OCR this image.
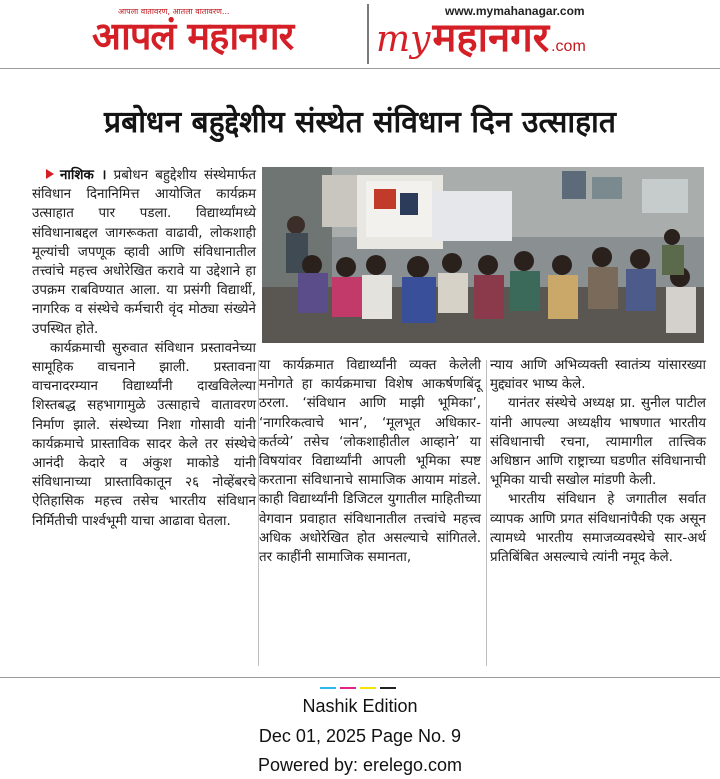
आपला वातावरण, आतला वातावरण...
आपलं महानगर
www.mymahanagar.com
myमहानगर .com
प्रबोधन बहुद्देशीय संस्थेत संविधान दिन उत्साहात

नाशिक । प्रबोधन बहुद्देशीय संस्थेमार्फत संविधान दिनानिमित्त आयोजित कार्यक्रम उत्साहात पार पडला. विद्यार्थ्यांमध्ये संविधानाबद्दल जागरूकता वाढावी, लोकशाही मूल्यांची जपणूक व्हावी आणि संविधानातील तत्त्वांचे महत्त्व अधोरेखित करावे या उद्देशाने हा उपक्रम राबविण्यात आला. या प्रसंगी विद्यार्थी, नागरिक व संस्थेचे कर्मचारी वृंद मोठ्या संख्येने उपस्थित होते.

कार्यक्रमाची सुरुवात संविधान प्रस्तावनेच्या सामूहिक वाचनाने झाली. प्रस्तावना वाचनादरम्यान विद्यार्थ्यांनी दाखविलेल्या शिस्तबद्ध सहभागामुळे उत्साहाचे वातावरण निर्माण झाले. संस्थेच्या निशा गोसावी यांनी कार्यक्रमाचे प्रास्ताविक सादर केले तर संस्थेचे आनंदी केदारे व अंकुश माकोडे यांनी संविधानाच्या प्रास्ताविकातून २६ नोव्हेंबरचे ऐतिहासिक महत्त्व तसेच भारतीय संविधान निर्मितीची पार्श्वभूमी याचा आढावा घेतला.

या कार्यक्रमात विद्यार्थ्यांनी व्यक्त केलेली मनोगते हा कार्यक्रमाचा विशेष आकर्षणबिंदू ठरला. ‘संविधान आणि माझी भूमिका’, ‘नागरिकत्वाचे भान’, ‘मूलभूत अधिकार-कर्तव्ये’ तसेच ‘लोकशाहीतील आव्हाने’ या विषयांवर विद्यार्थ्यांनी आपली भूमिका स्पष्ट करताना संविधानाचे सामाजिक आयाम मांडले. काही विद्यार्थ्यांनी डिजिटल युगातील माहितीच्या वेगवान प्रवाहात संविधानातील तत्त्वांचे महत्त्व अधिक अधोरेखित होत असल्याचे सांगितले. तर काहींनी सामाजिक समानता,

न्याय आणि अभिव्यक्ती स्वातंत्र्य यांसारख्या मुद्द्यांवर भाष्य केले.

यानंतर संस्थेचे अध्यक्ष प्रा. सुनील पाटील यांनी आपल्या अध्यक्षीय भाषणात भारतीय संविधानाची रचना, त्यामागील तात्त्विक अधिष्ठान आणि राष्ट्राच्या घडणीत संविधानाची भूमिका याची सखोल मांडणी केली.

भारतीय संविधान हे जगातील सर्वात व्यापक आणि प्रगत संविधानांपैकी एक असून त्यामध्ये भारतीय समाजव्यवस्थेचे सार-अर्थ प्रतिबिंबित असल्याचे त्यांनी नमूद केले.

Nashik Edition
Dec 01, 2025 Page No. 9
Powered by: erelego.com
